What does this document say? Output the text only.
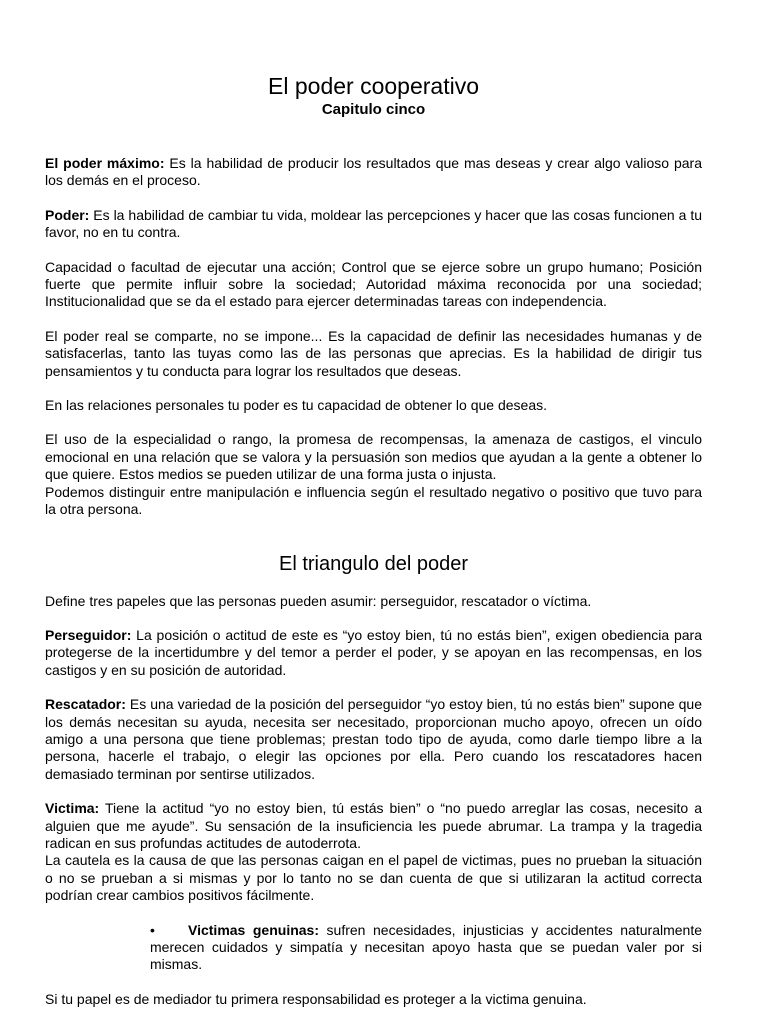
El poder cooperativo
Capitulo cinco

El poder máximo: Es la habilidad de producir los resultados que mas deseas y crear algo valioso para los demás en el proceso.

Poder: Es la habilidad de cambiar tu vida, moldear las percepciones y hacer que las cosas funcionen a tu favor, no en tu contra.

Capacidad o facultad de ejecutar una acción; Control que se ejerce sobre un grupo humano; Posición fuerte que permite influir sobre la sociedad; Autoridad máxima reconocida por una sociedad; Institucionalidad que se da el estado para ejercer determinadas tareas con independencia.

El poder real se comparte, no se impone... Es la capacidad de definir las necesidades humanas y de satisfacerlas, tanto las tuyas como las de las personas que aprecias. Es la habilidad de dirigir tus pensamientos y tu conducta para lograr los resultados que deseas.

En las relaciones personales tu poder es tu capacidad de obtener lo que deseas.

El uso de la especialidad o rango, la promesa de recompensas, la amenaza de castigos, el vinculo emocional en una relación que se valora y la persuasión son medios que ayudan a la gente a obtener lo que quiere. Estos medios se pueden utilizar de una forma justa o injusta.

Podemos distinguir entre manipulación e influencia según el resultado negativo o positivo que tuvo para la otra persona.

El triangulo del poder

Define tres papeles que las personas pueden asumir: perseguidor, rescatador o víctima.

Perseguidor: La posición o actitud de este es “yo estoy bien, tú no estás bien”, exigen obediencia para protegerse de la incertidumbre y del temor a perder el poder, y se apoyan en las recompensas, en los castigos y en su posición de autoridad.

Rescatador: Es una variedad de la posición del perseguidor “yo estoy bien, tú no estás bien” supone que los demás necesitan su ayuda, necesita ser necesitado, proporcionan mucho apoyo, ofrecen un oído amigo a una persona que tiene problemas; prestan todo tipo de ayuda, como darle tiempo libre a la persona, hacerle el trabajo, o elegir las opciones por ella. Pero cuando los rescatadores hacen demasiado terminan por sentirse utilizados.

Victima: Tiene la actitud “yo no estoy bien, tú estás bien” o “no puedo arreglar las cosas, necesito a alguien que me ayude”. Su sensación de la insuficiencia les puede abrumar. La trampa y la tragedia radican en sus profundas actitudes de autoderrota.

La cautela es la causa de que las personas caigan en el papel de victimas, pues no prueban la situación o no se prueban a si mismas y por lo tanto no se dan cuenta de que si utilizaran la actitud correcta podrían crear cambios positivos fácilmente.

• Victimas genuinas: sufren necesidades, injusticias y accidentes naturalmente merecen cuidados y simpatía y necesitan apoyo hasta que se puedan valer por si mismas.

Si tu papel es de mediador tu primera responsabilidad es proteger a la victima genuina.
